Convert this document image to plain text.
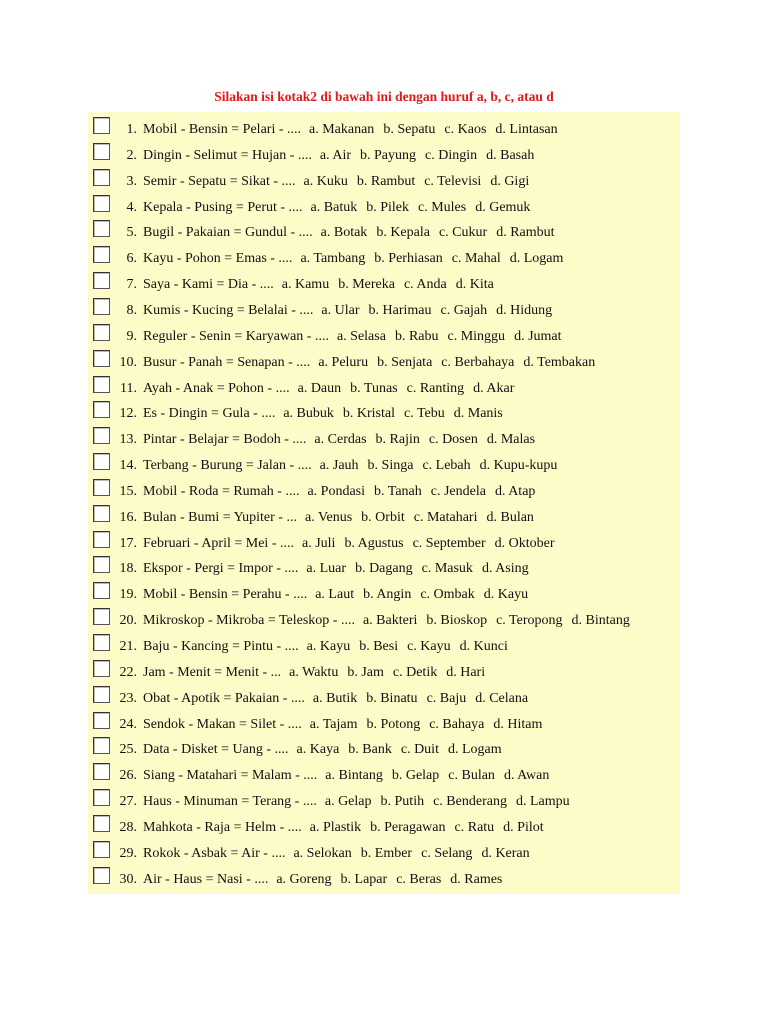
Silakan isi kotak2 di bawah ini dengan huruf a, b, c, atau d
1. Mobil - Bensin = Pelari - .... a. Makanan b. Sepatu c. Kaos d. Lintasan
2. Dingin - Selimut = Hujan - .... a. Air b. Payung c. Dingin d. Basah
3. Semir - Sepatu = Sikat - .... a. Kuku b. Rambut c. Televisi d. Gigi
4. Kepala - Pusing = Perut - .... a. Batuk b. Pilek c. Mules d. Gemuk
5. Bugil - Pakaian = Gundul - .... a. Botak b. Kepala c. Cukur d. Rambut
6. Kayu - Pohon = Emas - .... a. Tambang b. Perhiasan c. Mahal d. Logam
7. Saya - Kami = Dia - .... a. Kamu b. Mereka c. Anda d. Kita
8. Kumis - Kucing = Belalai - .... a. Ular b. Harimau c. Gajah d. Hidung
9. Reguler - Senin = Karyawan - .... a. Selasa b. Rabu c. Minggu d. Jumat
10. Busur - Panah = Senapan - .... a. Peluru b. Senjata c. Berbahaya d. Tembakan
11. Ayah - Anak = Pohon - .... a. Daun b. Tunas c. Ranting d. Akar
12. Es - Dingin = Gula - .... a. Bubuk b. Kristal c. Tebu d. Manis
13. Pintar - Belajar = Bodoh - .... a. Cerdas b. Rajin c. Dosen d. Malas
14. Terbang - Burung = Jalan - .... a. Jauh b. Singa c. Lebah d. Kupu-kupu
15. Mobil - Roda = Rumah - .... a. Pondasi b. Tanah c. Jendela d. Atap
16. Bulan - Bumi = Yupiter - ... a. Venus b. Orbit c. Matahari d. Bulan
17. Februari - April = Mei - .... a. Juli b. Agustus c. September d. Oktober
18. Ekspor - Pergi = Impor - .... a. Luar b. Dagang c. Masuk d. Asing
19. Mobil - Bensin = Perahu - .... a. Laut b. Angin c. Ombak d. Kayu
20. Mikroskop - Mikroba = Teleskop - .... a. Bakteri b. Bioskop c. Teropong d. Bintang
21. Baju - Kancing = Pintu - .... a. Kayu b. Besi c. Kayu d. Kunci
22. Jam - Menit = Menit - ... a. Waktu b. Jam c. Detik d. Hari
23. Obat - Apotik = Pakaian - .... a. Butik b. Binatu c. Baju d. Celana
24. Sendok - Makan = Silet - .... a. Tajam b. Potong c. Bahaya d. Hitam
25. Data - Disket = Uang - .... a. Kaya b. Bank c. Duit d. Logam
26. Siang - Matahari = Malam - .... a. Bintang b. Gelap c. Bulan d. Awan
27. Haus - Minuman = Terang - .... a. Gelap b. Putih c. Benderang d. Lampu
28. Mahkota - Raja = Helm - .... a. Plastik b. Peragawan c. Ratu d. Pilot
29. Rokok - Asbak = Air - .... a. Selokan b. Ember c. Selang d. Keran
30. Air - Haus = Nasi - .... a. Goreng b. Lapar c. Beras d. Rames
